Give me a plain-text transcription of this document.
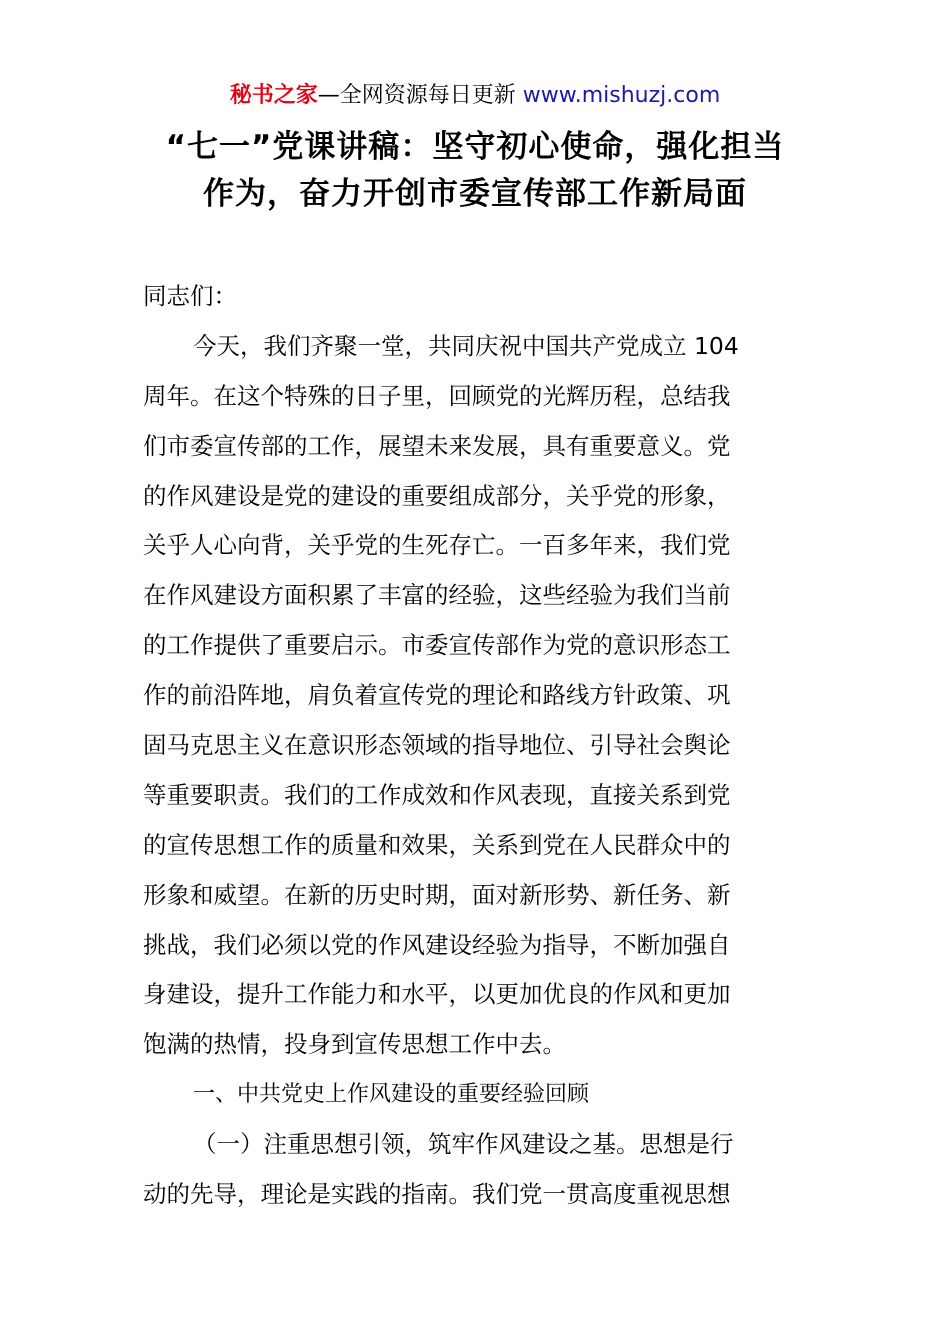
秘书之家—全网资源每日更新 www.mishuzj.com
“七一”党课讲稿：坚守初心使命，强化担当
作为，奋力开创市委宣传部工作新局面
同志们：
今天，我们齐聚一堂，共同庆祝中国共产党成立 104
周年。在这个特殊的日子里，回顾党的光辉历程，总结我
们市委宣传部的工作，展望未来发展，具有重要意义。党
的作风建设是党的建设的重要组成部分，关乎党的形象，
关乎人心向背，关乎党的生死存亡。一百多年来，我们党
在作风建设方面积累了丰富的经验，这些经验为我们当前
的工作提供了重要启示。市委宣传部作为党的意识形态工
作的前沿阵地，肩负着宣传党的理论和路线方针政策、巩
固马克思主义在意识形态领域的指导地位、引导社会舆论
等重要职责。我们的工作成效和作风表现，直接关系到党
的宣传思想工作的质量和效果，关系到党在人民群众中的
形象和威望。在新的历史时期，面对新形势、新任务、新
挑战，我们必须以党的作风建设经验为指导，不断加强自
身建设，提升工作能力和水平，以更加优良的作风和更加
饱满的热情，投身到宣传思想工作中去。
一、中共党史上作风建设的重要经验回顾
（一）注重思想引领，筑牢作风建设之基。思想是行
动的先导，理论是实践的指南。我们党一贯高度重视思想
